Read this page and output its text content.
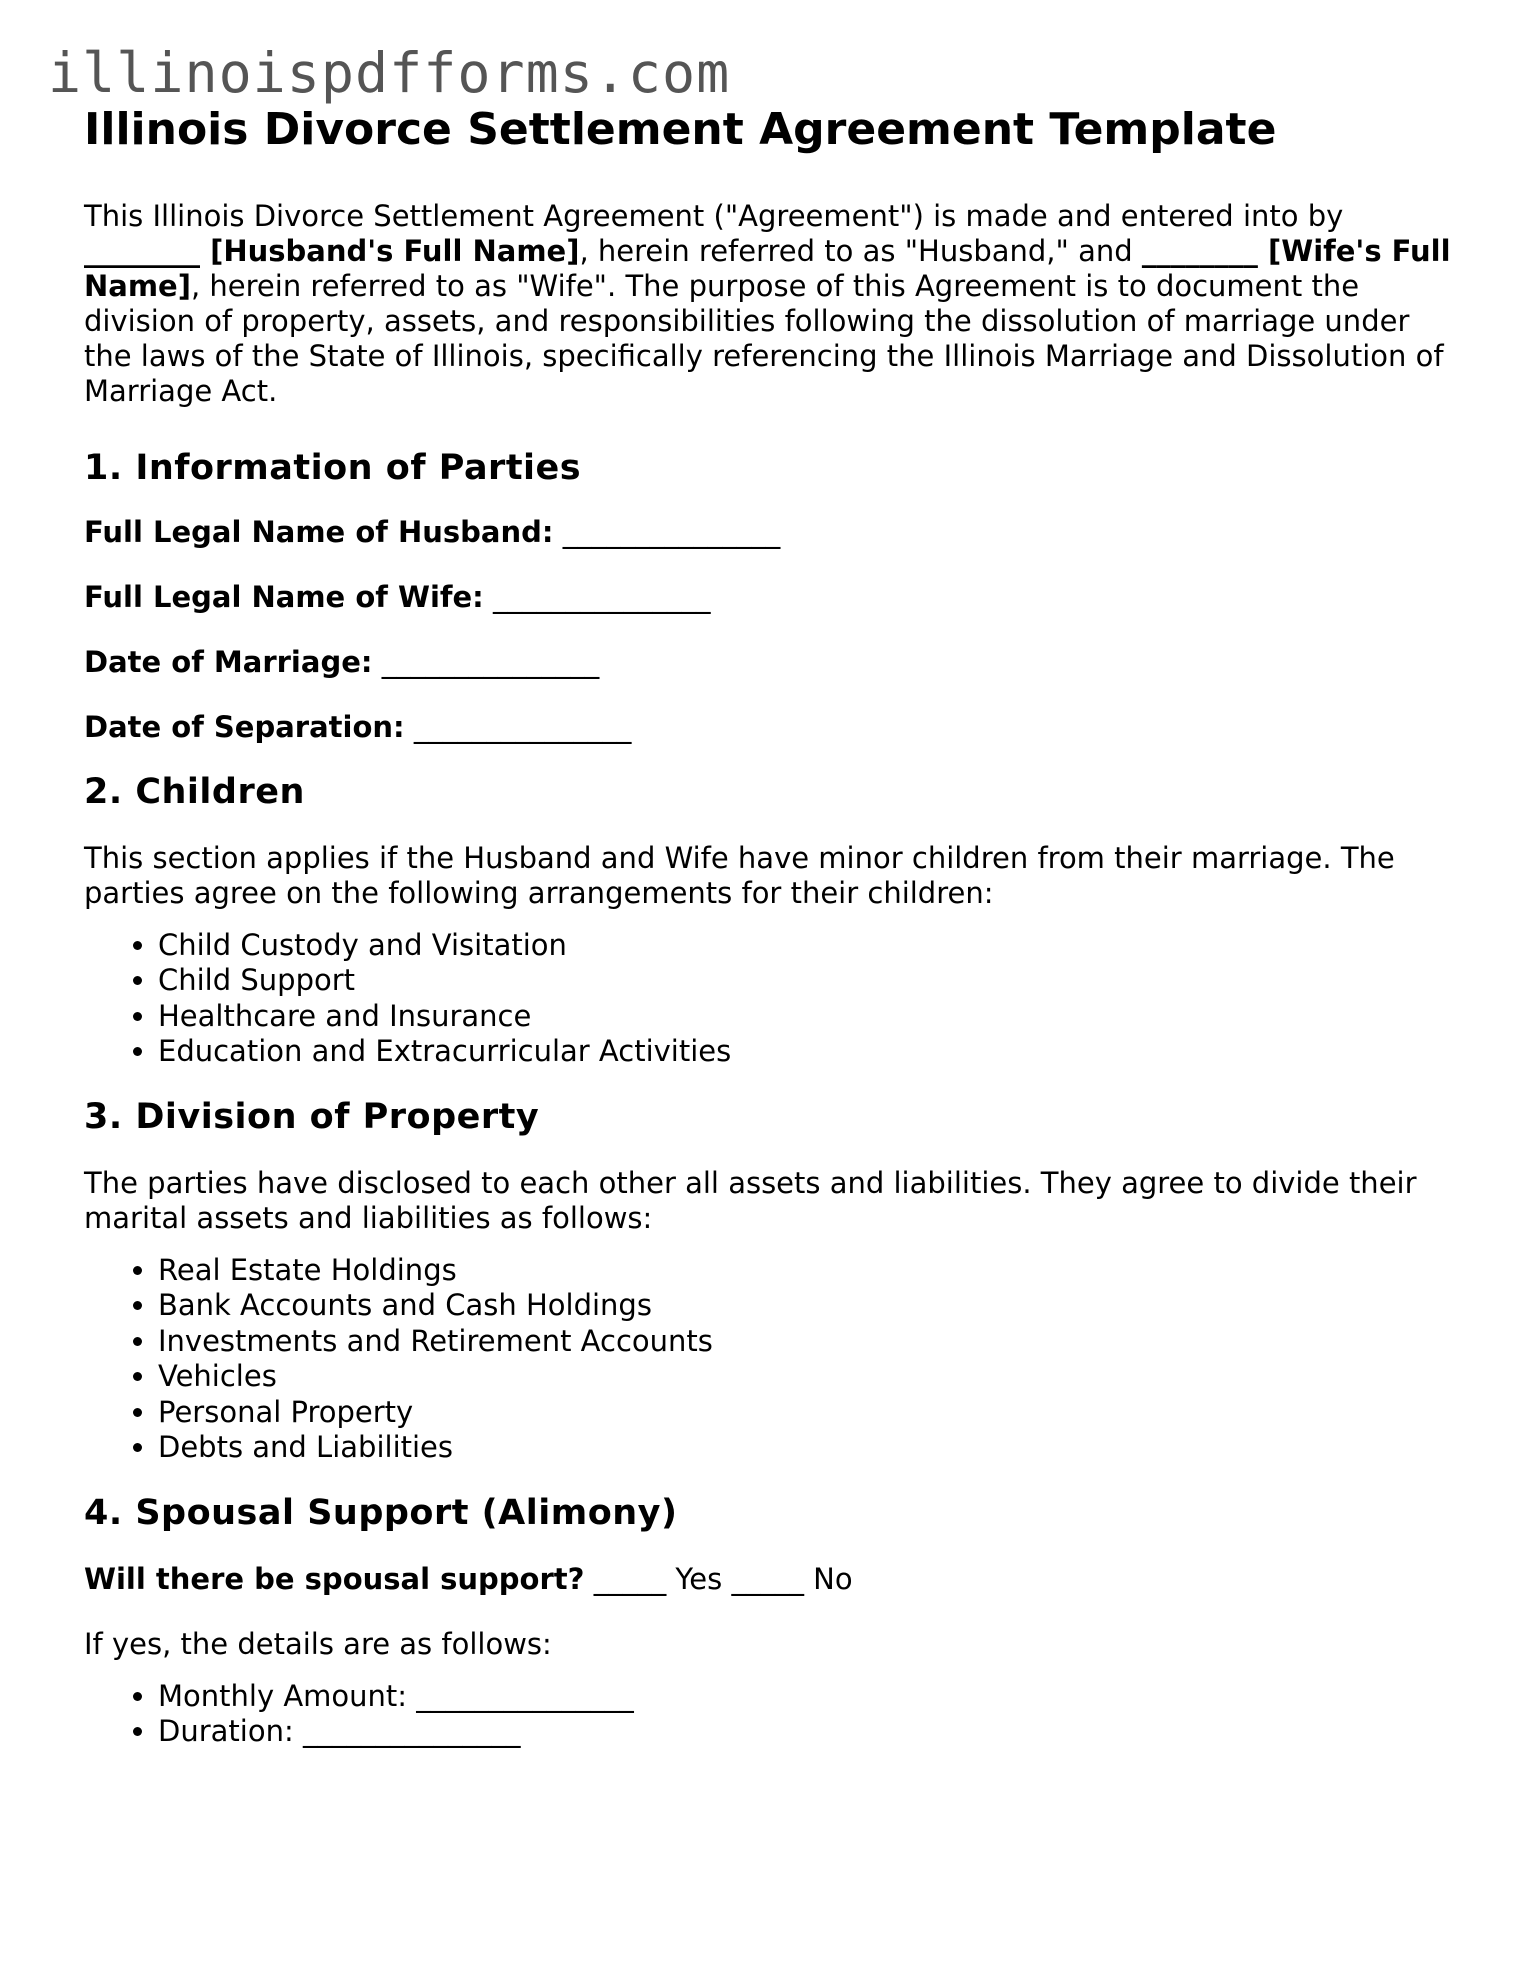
illinoispdfforms.com
Illinois Divorce Settlement Agreement Template

This Illinois Divorce Settlement Agreement ("Agreement") is made and entered into by
________ [Husband's Full Name], herein referred to as "Husband," and ________ [Wife's Full Name], herein referred to as "Wife". The purpose of this Agreement is to document the division of property, assets, and responsibilities following the dissolution of marriage under the laws of the State of Illinois, specifically referencing the Illinois Marriage and Dissolution of Marriage Act.

1. Information of Parties
Full Legal Name of Husband: _______________
Full Legal Name of Wife: _______________
Date of Marriage: _______________
Date of Separation: _______________
2. Children

This section applies if the Husband and Wife have minor children from their marriage. The parties agree on the following arrangements for their children:

• Child Custody and Visitation
• Child Support
• Healthcare and Insurance
• Education and Extracurricular Activities
3. Division of Property

The parties have disclosed to each other all assets and liabilities. They agree to divide their marital assets and liabilities as follows:

• Real Estate Holdings
• Bank Accounts and Cash Holdings
• Investments and Retirement Accounts
• Vehicles
• Personal Property
• Debts and Liabilities
4. Spousal Support (Alimony)
Will there be spousal support? _____ Yes _____ No

If yes, the details are as follows:

• Monthly Amount: _______________
• Duration: _______________
